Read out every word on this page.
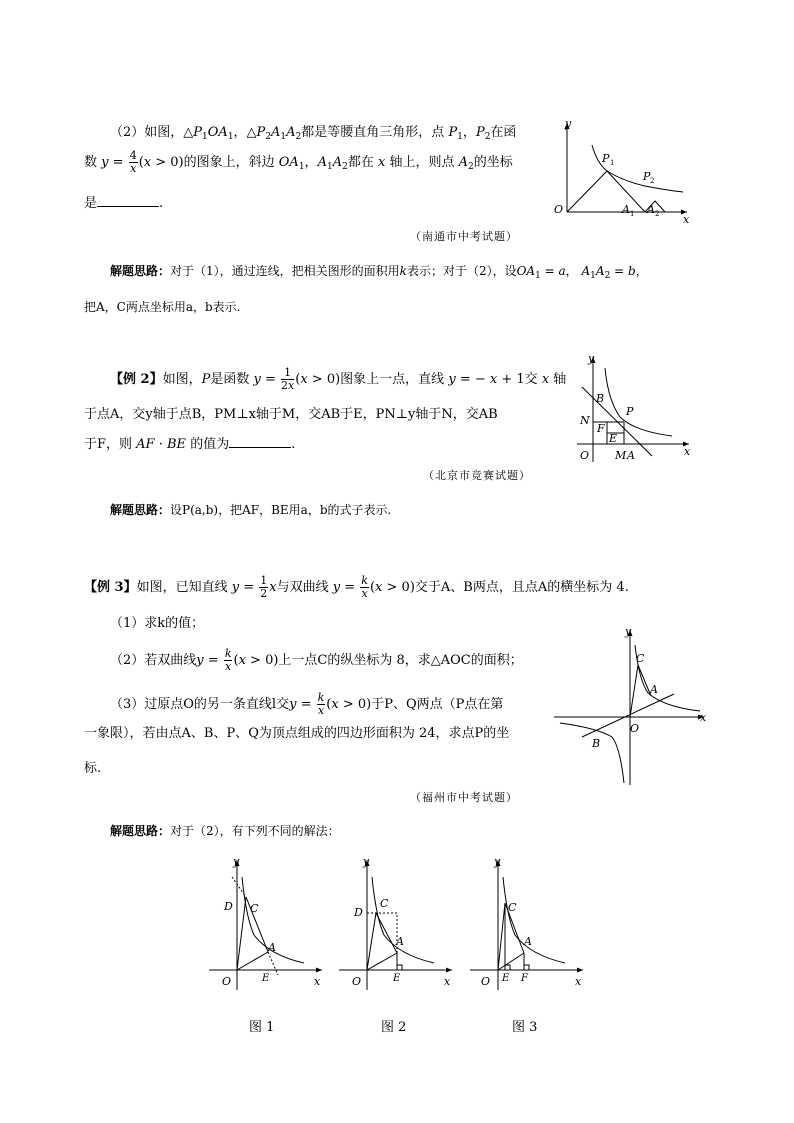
（2）如图，$\triangle P_1OA_1$，$\triangle P_2A_1A_2$都是等腰直角三角形，点 $P_1$，$P_2$在函
数 $y = \frac{4}{x} (x > 0)$的图象上，斜边 $OA_1$，$A_1A_2$都在 x 轴上，则点 $A_2$的坐标
是	.
（南通市中考试题）
y
x
O
P 1
P 2
A 1 A 2
解题思路：对于（1），通过连线，把相关图形的面积用k表示；对于（2），设$OA_1 = a$， $A_1A_2 = b$，
把A，C两点坐标用a，b表示.
【例 2】如图，P是函数 $y = \frac{1}{2x} (x > 0)$图象上一点，直线 y = − x + 1交 x 轴
于点A，交y轴于点B，PM⊥x轴于M，交AB于E，PN⊥y轴于N，交AB
于F，则 AF · BE 的值为	.
（北京市竞赛试题）
y
x
O
B
P
N
F
E
M A
解题思路：设P(a,b)，把AF，BE用a，b的式子表示.
【例 3】如图，已知直线 $y = \frac{1}{2}$ x与双曲线 $y = \frac{k}{x} (x > 0)$交于A、B两点，且点A的横坐标为 4.
（1）求k的值；
（2）若双曲线$y = \frac{k}{x} (x > 0)$上一点C的纵坐标为 8，求△AOC的面积；
（3）过原点O的另一条直线l交$y = \frac{k}{x} (x > 0)$于P、Q两点（P点在第
一象限），若由点A、B、P、Q为顶点组成的四边形面积为 24，求点P的坐
标.
（福州市中考试题）
y
x
O
C
A
B
解题思路：对于（2），有下列不同的解法：
y
x
O
D C
A
E
图 1
y
x
O
D
C
A
E
图 2
y
x
O
C
A
E F
图 3
